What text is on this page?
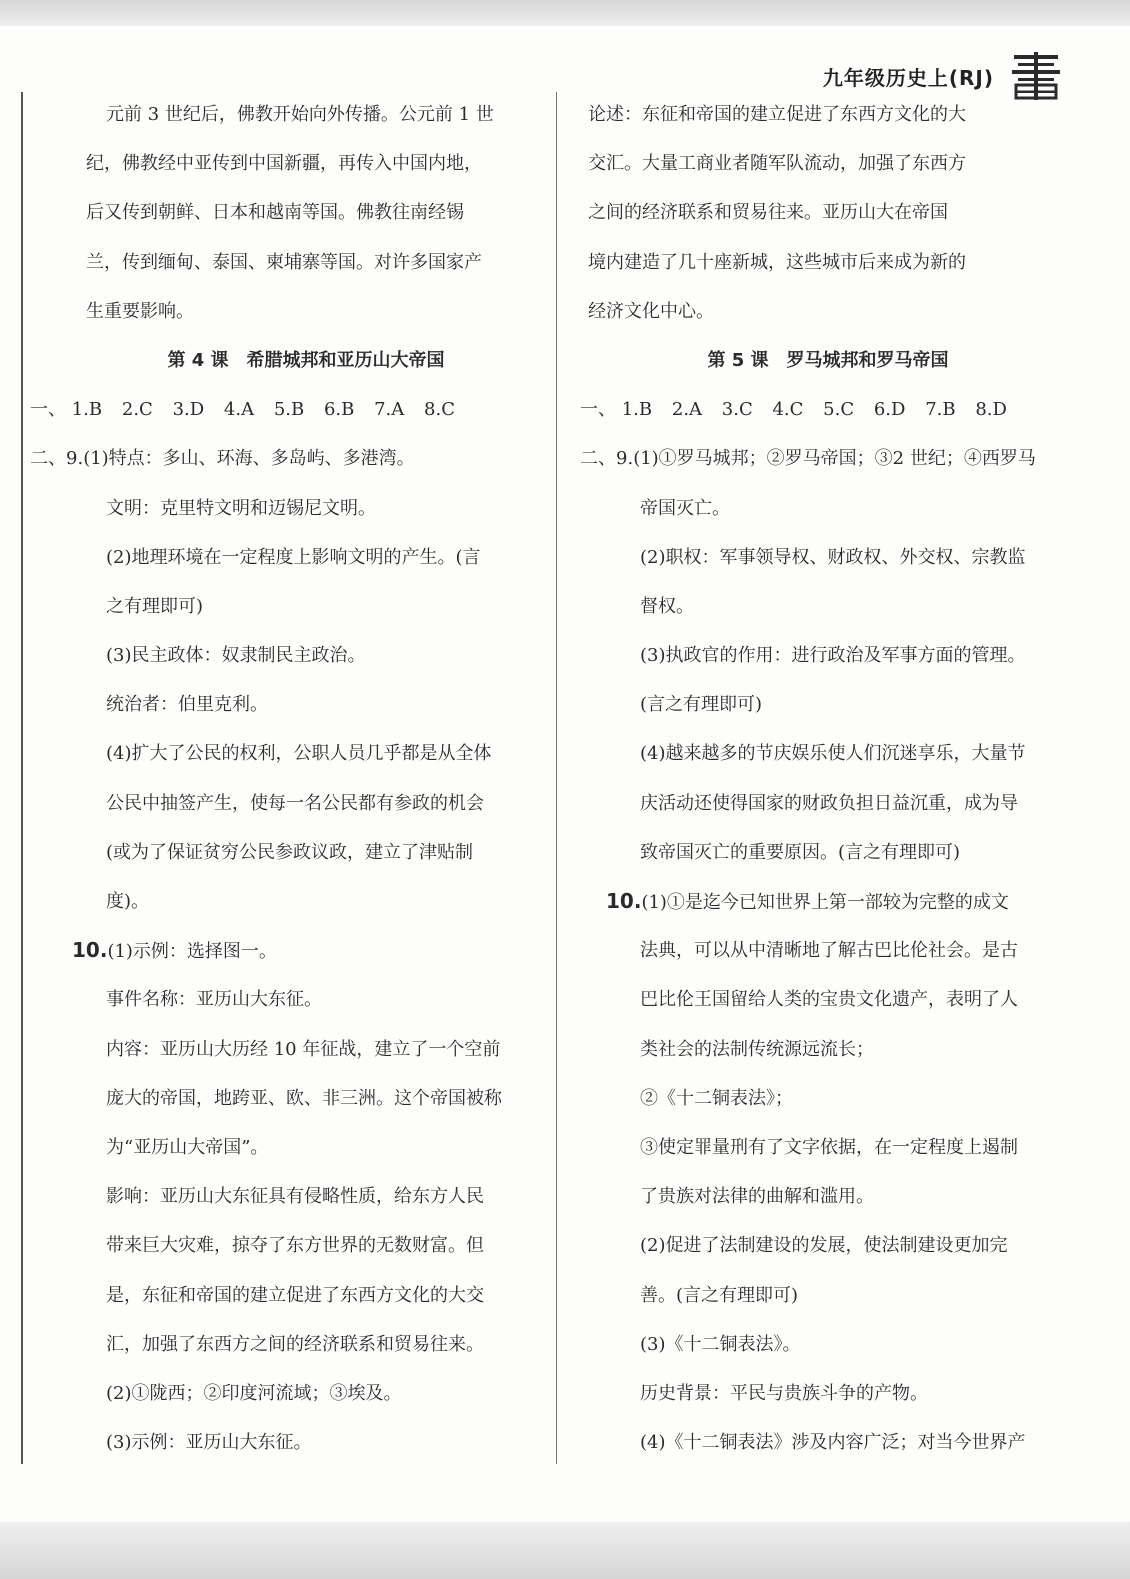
九年级历史上(RJ)
元前 3 世纪后，佛教开始向外传播。公元前 1 世
纪，佛教经中亚传到中国新疆，再传入中国内地，
后又传到朝鲜、日本和越南等国。佛教往南经锡
兰，传到缅甸、泰国、柬埔寨等国。对许多国家产
生重要影响。
第 4 课　希腊城邦和亚历山大帝国
一、 1.B 2.C 3.D 4.A 5.B 6.B 7.A 8.C
二、9.(1)特点：多山、环海、多岛屿、多港湾。
文明：克里特文明和迈锡尼文明。
(2)地理环境在一定程度上影响文明的产生。(言
之有理即可)
(3)民主政体：奴隶制民主政治。
统治者：伯里克利。
(4)扩大了公民的权利，公职人员几乎都是从全体
公民中抽签产生，使每一名公民都有参政的机会
(或为了保证贫穷公民参政议政，建立了津贴制
度)。
10.(1)示例：选择图一。
事件名称：亚历山大东征。
内容：亚历山大历经 10 年征战，建立了一个空前
庞大的帝国，地跨亚、欧、非三洲。这个帝国被称
为“亚历山大帝国”。
影响：亚历山大东征具有侵略性质，给东方人民
带来巨大灾难，掠夺了东方世界的无数财富。但
是，东征和帝国的建立促进了东西方文化的大交
汇，加强了东西方之间的经济联系和贸易往来。
(2)①陇西；②印度河流域；③埃及。
(3)示例：亚历山大东征。
论述：东征和帝国的建立促进了东西方文化的大
交汇。大量工商业者随军队流动，加强了东西方
之间的经济联系和贸易往来。亚历山大在帝国
境内建造了几十座新城，这些城市后来成为新的
经济文化中心。
第 5 课　罗马城邦和罗马帝国
一、 1.B 2.A 3.C 4.C 5.C 6.D 7.B 8.D
二、9.(1)①罗马城邦；②罗马帝国；③2 世纪；④西罗马
帝国灭亡。
(2)职权：军事领导权、财政权、外交权、宗教监
督权。
(3)执政官的作用：进行政治及军事方面的管理。
(言之有理即可)
(4)越来越多的节庆娱乐使人们沉迷享乐，大量节
庆活动还使得国家的财政负担日益沉重，成为导
致帝国灭亡的重要原因。(言之有理即可)
10.(1)①是迄今已知世界上第一部较为完整的成文
法典，可以从中清晰地了解古巴比伦社会。是古
巴比伦王国留给人类的宝贵文化遗产，表明了人
类社会的法制传统源远流长；
②《十二铜表法》；
③使定罪量刑有了文字依据，在一定程度上遏制
了贵族对法律的曲解和滥用。
(2)促进了法制建设的发展，使法制建设更加完
善。(言之有理即可)
(3)《十二铜表法》。
历史背景：平民与贵族斗争的产物。
(4)《十二铜表法》涉及内容广泛；对当今世界产
